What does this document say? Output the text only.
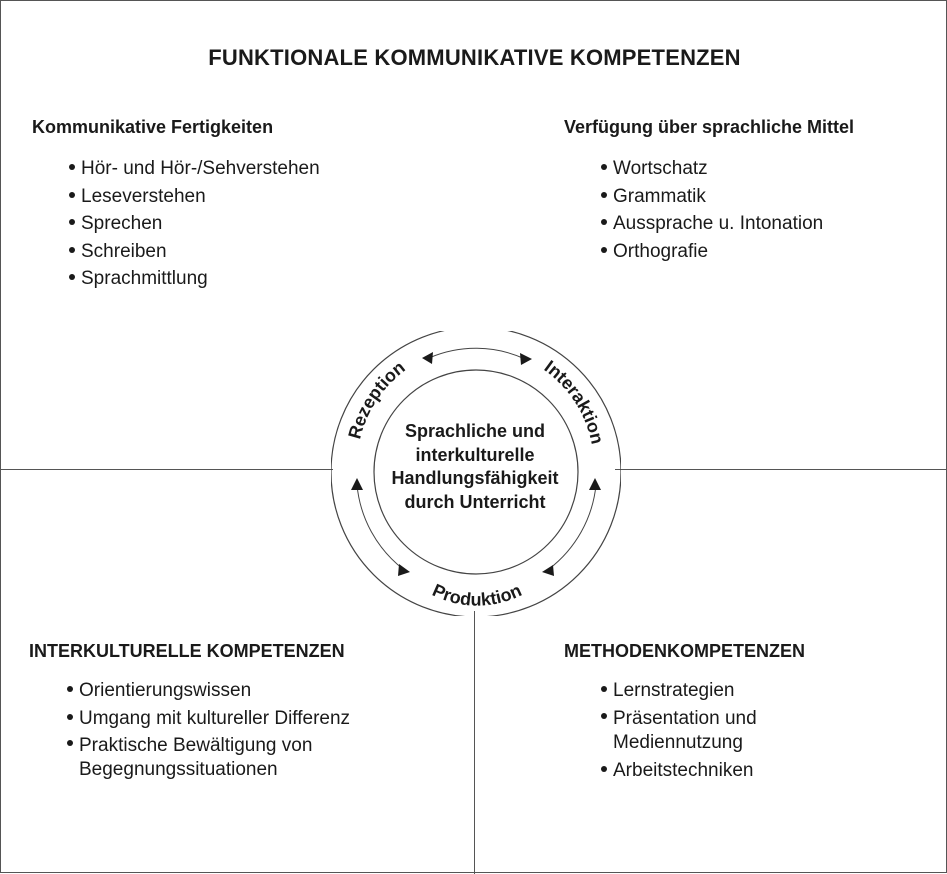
FUNKTIONALE KOMMUNIKATIVE KOMPETENZEN
Kommunikative Fertigkeiten
Hör- und Hör-/Sehverstehen
Leseverstehen
Sprechen
Schreiben
Sprachmittlung
Verfügung über sprachliche Mittel
Wortschatz
Grammatik
Aussprache u. Intonation
Orthografie
Rezeption	Interaktion
Produktion
Sprachliche und
interkulturelle
Handlungsfähigkeit
durch Unterricht
INTERKULTURELLE KOMPETENZEN
Orientierungswissen
Umgang mit kultureller Differenz
Praktische Bewältigung von Begegnungssituationen
METHODENKOMPETENZEN
Lernstrategien
Präsentation und Mediennutzung
Arbeitstechniken
